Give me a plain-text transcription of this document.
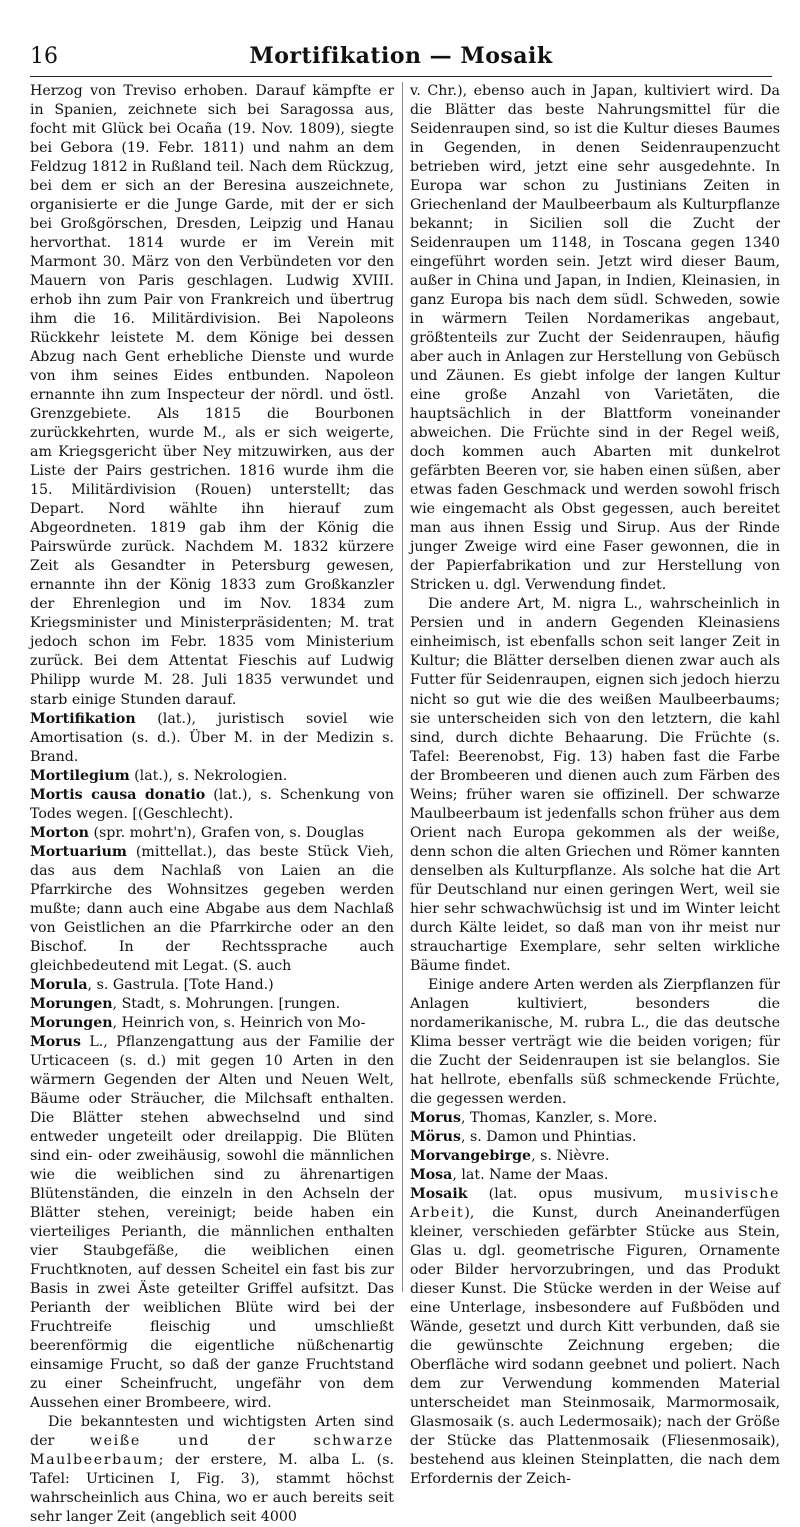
16	Mortifikation — Mosaik

Herzog von Treviso erhoben. Darauf kämpfte er in Spanien, zeichnete sich bei Saragossa aus, focht mit Glück bei Ocaña (19. Nov. 1809), siegte bei Gebora (19. Febr. 1811) und nahm an dem Feldzug 1812 in Rußland teil. Nach dem Rückzug, bei dem er sich an der Beresina auszeichnete, organisierte er die Junge Garde, mit der er sich bei Großgörschen, Dresden, Leipzig und Hanau hervorthat. 1814 wurde er im Verein mit Marmont 30. März von den Verbündeten vor den Mauern von Paris geschlagen. Ludwig XVIII. erhob ihn zum Pair von Frankreich und übertrug ihm die 16. Militärdivision. Bei Napoleons Rückkehr leistete M. dem Könige bei dessen Abzug nach Gent erhebliche Dienste und wurde von ihm seines Eides entbunden. Napoleon ernannte ihn zum Inspecteur der nördl. und östl. Grenzgebiete. Als 1815 die Bourbonen zurückkehrten, wurde M., als er sich weigerte, am Kriegsgericht über Ney mitzuwirken, aus der Liste der Pairs gestrichen. 1816 wurde ihm die 15. Militärdivision (Rouen) unterstellt; das Depart. Nord wählte ihn hierauf zum Abgeordneten. 1819 gab ihm der König die Pairswürde zurück. Nachdem M. 1832 kürzere Zeit als Gesandter in Petersburg gewesen, ernannte ihn der König 1833 zum Großkanzler der Ehrenlegion und im Nov. 1834 zum Kriegsminister und Ministerpräsidenten; M. trat jedoch schon im Febr. 1835 vom Ministerium zurück. Bei dem Attentat Fieschis auf Ludwig Philipp wurde M. 28. Juli 1835 verwundet und starb einige Stunden darauf.

Mortifikation (lat.), juristisch soviel wie Amortisation (s. d.). Über M. in der Medizin s. Brand.

Mortilegium (lat.), s. Nekrologien.

Mortis causa donatio (lat.), s. Schenkung von Todes wegen. [(Geschlecht).

Morton (spr. mohrt'n), Grafen von, s. Douglas

Mortuarium (mittellat.), das beste Stück Vieh, das aus dem Nachlaß von Laien an die Pfarrkirche des Wohnsitzes gegeben werden mußte; dann auch eine Abgabe aus dem Nachlaß von Geistlichen an die Pfarrkirche oder an den Bischof. In der Rechtssprache auch gleichbedeutend mit Legat. (S. auch

Morula, s. Gastrula. [Tote Hand.)

Morungen, Stadt, s. Mohrungen. [rungen.

Morungen, Heinrich von, s. Heinrich von Mo-

Morus L., Pflanzengattung aus der Familie der Urticaceen (s. d.) mit gegen 10 Arten in den wärmern Gegenden der Alten und Neuen Welt, Bäume oder Sträucher, die Milchsaft enthalten. Die Blätter stehen abwechselnd und sind entweder ungeteilt oder dreilappig. Die Blüten sind ein- oder zweihäusig, sowohl die männlichen wie die weiblichen sind zu ährenartigen Blütenständen, die einzeln in den Achseln der Blätter stehen, vereinigt; beide haben ein vierteiliges Perianth, die männlichen enthalten vier Staubgefäße, die weiblichen einen Fruchtknoten, auf dessen Scheitel ein fast bis zur Basis in zwei Äste geteilter Griffel aufsitzt. Das Perianth der weiblichen Blüte wird bei der Fruchtreife fleischig und umschließt beerenförmig die eigentliche nüßchenartig einsamige Frucht, so daß der ganze Fruchtstand zu einer Scheinfrucht, ungefähr von dem Aussehen einer Brombeere, wird.

Die bekanntesten und wichtigsten Arten sind der weiße und der schwarze Maulbeerbaum; der erstere, M. alba L. (s. Tafel: Urticinen I, Fig. 3), stammt höchst wahrscheinlich aus China, wo er auch bereits seit sehr langer Zeit (angeblich seit 4000

v. Chr.), ebenso auch in Japan, kultiviert wird. Da die Blätter das beste Nahrungsmittel für die Seidenraupen sind, so ist die Kultur dieses Baumes in Gegenden, in denen Seidenraupenzucht betrieben wird, jetzt eine sehr ausgedehnte. In Europa war schon zu Justinians Zeiten in Griechenland der Maulbeerbaum als Kulturpflanze bekannt; in Sicilien soll die Zucht der Seidenraupen um 1148, in Toscana gegen 1340 eingeführt worden sein. Jetzt wird dieser Baum, außer in China und Japan, in Indien, Kleinasien, in ganz Europa bis nach dem südl. Schweden, sowie in wärmern Teilen Nordamerikas angebaut, größtenteils zur Zucht der Seidenraupen, häufig aber auch in Anlagen zur Herstellung von Gebüsch und Zäunen. Es giebt infolge der langen Kultur eine große Anzahl von Varietäten, die hauptsächlich in der Blattform voneinander abweichen. Die Früchte sind in der Regel weiß, doch kommen auch Abarten mit dunkelrot gefärbten Beeren vor, sie haben einen süßen, aber etwas faden Geschmack und werden sowohl frisch wie eingemacht als Obst gegessen, auch bereitet man aus ihnen Essig und Sirup. Aus der Rinde junger Zweige wird eine Faser gewonnen, die in der Papierfabrikation und zur Herstellung von Stricken u. dgl. Verwendung findet.

Die andere Art, M. nigra L., wahrscheinlich in Persien und in andern Gegenden Kleinasiens einheimisch, ist ebenfalls schon seit langer Zeit in Kultur; die Blätter derselben dienen zwar auch als Futter für Seidenraupen, eignen sich jedoch hierzu nicht so gut wie die des weißen Maulbeerbaums; sie unterscheiden sich von den letztern, die kahl sind, durch dichte Behaarung. Die Früchte (s. Tafel: Beerenobst, Fig. 13) haben fast die Farbe der Brombeeren und dienen auch zum Färben des Weins; früher waren sie offizinell. Der schwarze Maulbeerbaum ist jedenfalls schon früher aus dem Orient nach Europa gekommen als der weiße, denn schon die alten Griechen und Römer kannten denselben als Kulturpflanze. Als solche hat die Art für Deutschland nur einen geringen Wert, weil sie hier sehr schwachwüchsig ist und im Winter leicht durch Kälte leidet, so daß man von ihr meist nur strauchartige Exemplare, sehr selten wirkliche Bäume findet.

Einige andere Arten werden als Zierpflanzen für Anlagen kultiviert, besonders die nordamerikanische, M. rubra L., die das deutsche Klima besser verträgt wie die beiden vorigen; für die Zucht der Seidenraupen ist sie belanglos. Sie hat hellrote, ebenfalls süß schmeckende Früchte, die gegessen werden.

Morus, Thomas, Kanzler, s. More.

Mörus, s. Damon und Phintias.

Morvangebirge, s. Nièvre.

Mosa, lat. Name der Maas.

Mosaik (lat. opus musivum, musivische Arbeit), die Kunst, durch Aneinanderfügen kleiner, verschieden gefärbter Stücke aus Stein, Glas u. dgl. geometrische Figuren, Ornamente oder Bilder hervorzubringen, und das Produkt dieser Kunst. Die Stücke werden in der Weise auf eine Unterlage, insbesondere auf Fußböden und Wände, gesetzt und durch Kitt verbunden, daß sie die gewünschte Zeichnung ergeben; die Oberfläche wird sodann geebnet und poliert. Nach dem zur Verwendung kommenden Material unterscheidet man Steinmosaik, Marmormosaik, Glasmosaik (s. auch Ledermosaik); nach der Größe der Stücke das Plattenmosaik (Fliesenmosaik), bestehend aus kleinen Steinplatten, die nach dem Erfordernis der Zeich-
